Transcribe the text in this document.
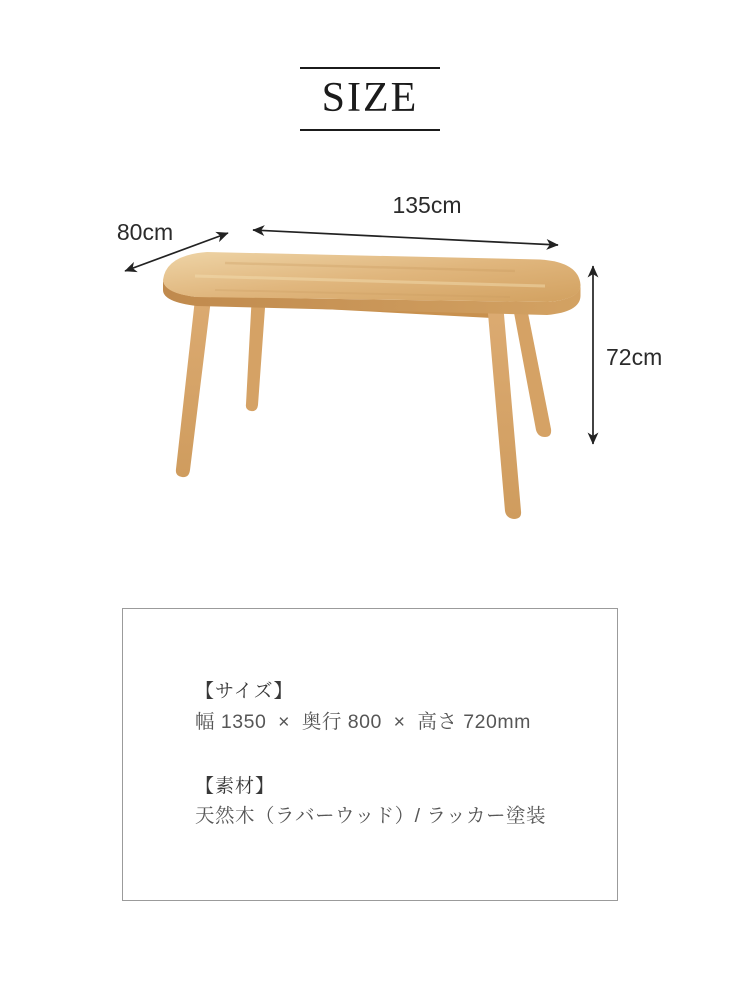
SIZE
135cm
80cm
72cm
【サイズ】
幅 1350  ×  奥行 800  ×  高さ 720mm
【素材】
天然木（ラバーウッド）/ ラッカー塗装
